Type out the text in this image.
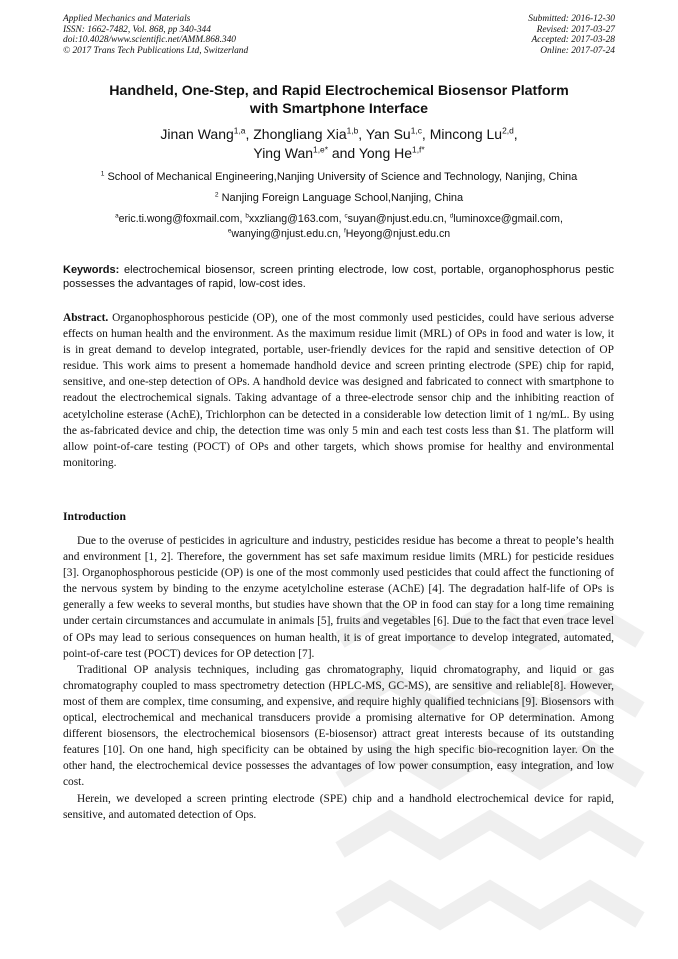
Applied Mechanics and Materials
ISSN: 1662-7482, Vol. 868, pp 340-344
doi:10.4028/www.scientific.net/AMM.868.340
© 2017 Trans Tech Publications Ltd, Switzerland
Submitted: 2016-12-30
Revised: 2017-03-27
Accepted: 2017-03-28
Online: 2017-07-24
Handheld, One-Step, and Rapid Electrochemical Biosensor Platform
with Smartphone Interface
Jinan Wang$^{1,a}$, Zhongliang Xia$^{1,b}$, Yan Su$^{1,c}$, Mincong Lu$^{2,d}$,
Ying Wan$^{1,e*}$ and Yong $He^{1,f*}$
$^1$ School of Mechanical Engineering,Nanjing University of Science and Technology, Nanjing, China
$^2$ Nanjing Foreign Language School,Nanjing, China
$^a$eric.ti.wong@foxmail.com, $^b$xxzliang@163.com, $^c$suyan@njust.edu.cn, $^d$luminoxce@gmail.com,
$^e$wanying@njust.edu.cn, $^f$Heyong@njust.edu.cn
Keywords: electrochemical biosensor, screen printing electrode, low cost, portable, organophosphorus pestic possesses the advantages of rapid, low-cost ides.
Abstract. Organophosphorous pesticide (OP), one of the most commonly used pesticides, could have serious adverse effects on human health and the environment. As the maximum residue limit (MRL) of OPs in food and water is low, it is in great demand to develop integrated, portable, user-friendly devices for the rapid and sensitive detection of OP residue. This work aims to present a homemade handhold device and screen printing electrode (SPE) chip for rapid, sensitive, and one-step detection of OPs. A handhold device was designed and fabricated to connect with smartphone to readout the electrochemical signals. Taking advantage of a three-electrode sensor chip and the inhibiting reaction of acetylcholine esterase (AchE), Trichlorphon can be detected in a considerable low detection limit of 1 ng/mL. By using the as-fabricated device and chip, the detection time was only 5 min and each test costs less than $1. The platform will allow point-of-care testing (POCT) of OPs and other targets, which shows promise for healthy and environmental monitoring.
Introduction

Due to the overuse of pesticides in agriculture and industry, pesticides residue has become a threat to people’s health and environment [1, 2]. Therefore, the government has set safe maximum residue limits (MRL) for pesticide residues [3]. Organophosphorous pesticide (OP) is one of the most commonly used pesticides that could affect the functioning of the nervous system by binding to the enzyme acetylcholine esterase (AChE) [4]. The degradation half-life of OPs is generally a few weeks to several months, but studies have shown that the OP in food can stay for a long time remaining under certain circumstances and accumulate in animals [5], fruits and vegetables [6]. Due to the fact that even trace level of OPs may lead to serious consequences on human health, it is of great importance to develop integrated, automated, point-of-care test (POCT) devices for OP detection [7].

Traditional OP analysis techniques, including gas chromatography, liquid chromatography, and liquid or gas chromatography coupled to mass spectrometry detection (HPLC-MS, GC-MS), are sensitive and reliable[8]. However, most of them are complex, time consuming, and expensive, and require highly qualified technicians [9]. Biosensors with optical, electrochemical and mechanical transducers provide a promising alternative for OP determination. Among different biosensors, the electrochemical biosensors (E-biosensor) attract great interests because of its outstanding features [10]. On one hand, high specificity can be obtained by using the high specific bio-recognition layer. On the other hand, the electrochemical device possesses the advantages of low power consumption, easy integration, and low cost.

Herein, we developed a screen printing electrode (SPE) chip and a handhold electrochemical device for rapid, sensitive, and automated detection of Ops.
